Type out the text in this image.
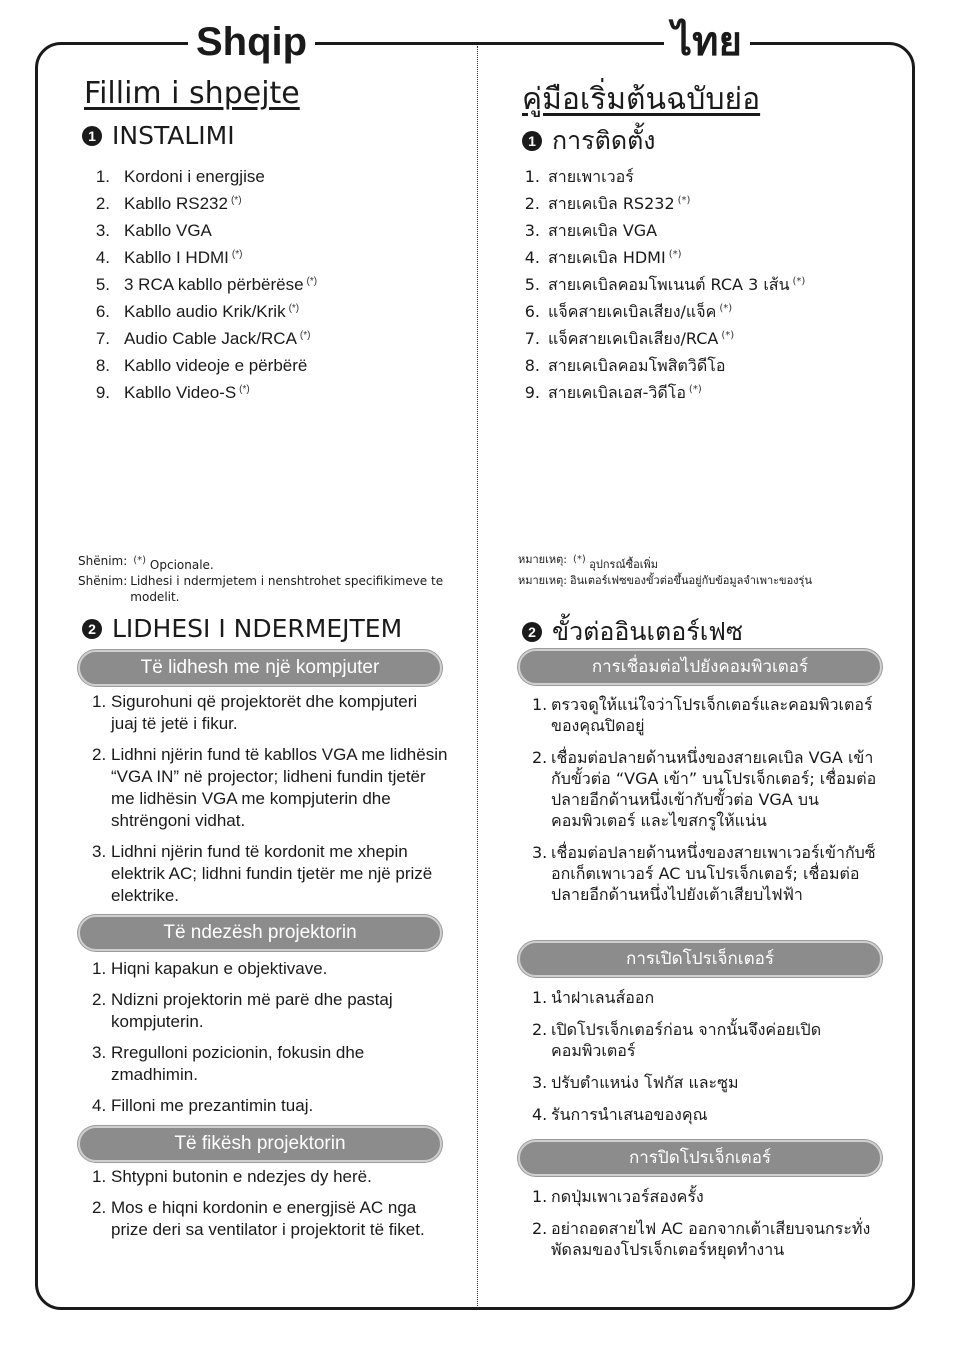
Shqip	ไทย
Fillim i shpejte
1 INSTALIMI
1. Kordoni i energjise
2. Kabllo RS232 (*)
3. Kabllo VGA
4. Kabllo I HDMI (*)
5. 3 RCA kabllo përbërëse (*)
6. Kabllo audio Krik/Krik (*)
7. Audio Cable Jack/RCA (*)
8. Kabllo videoje e përbërë
9. Kabllo Video-S (*)
Shënim: (*) Opcionale.
Shënim: Lidhesi i ndermjetem i nenshtrohet specifikimeve te modelit.
2 LIDHESI I NDERMEJTEM
Të lidhesh me një kompjuter
1. Sigurohuni që projektorët dhe kompjuteri juaj të jetë i fikur.
2. Lidhni njërin fund të kabllos VGA me lidhësin “VGA IN” në projector; lidheni fundin tjetër me lidhësin VGA me kompjuterin dhe shtrëngoni vidhat.
3. Lidhni njërin fund të kordonit me xhepin elektrik AC; lidhni fundin tjetër me një prizë elektrike.
Të ndezësh projektorin
1. Hiqni kapakun e objektivave.
2. Ndizni projektorin më parë dhe pastaj kompjuterin.
3. Rregulloni pozicionin, fokusin dhe zmadhimin.
4. Filloni me prezantimin tuaj.
Të fikësh projektorin
1. Shtypni butonin e ndezjes dy herë.
2. Mos e hiqni kordonin e energjisë AC nga prize deri sa ventilator i projektorit të fiket.
คู่มือเริ่มต้นฉบับย่อ
1 การติดตั้ง
1. สายเพาเวอร์
2. สายเคเบิล RS232 (*)
3. สายเคเบิล VGA
4. สายเคเบิล HDMI (*)
5. สายเคเบิลคอมโพเนนต์ RCA 3 เส้น (*)
6. แจ็คสายเคเบิลเสียง/แจ็ค (*)
7. แจ็คสายเคเบิลเสียง/RCA (*)
8. สายเคเบิลคอมโพสิตวิดีโอ
9. สายเคเบิลเอส-วิดีโอ (*)
หมายเหตุ: (*) อุปกรณ์ซื้อเพิ่ม
หมายเหตุ: อินเตอร์เฟซของขั้วต่อขึ้นอยู่กับข้อมูลจำเพาะของรุ่น
2 ขั้วต่ออินเตอร์เฟซ
การเชื่อมต่อไปยังคอมพิวเตอร์
1. ตรวจดูให้แน่ใจว่าโปรเจ็กเตอร์และคอมพิวเตอร์ของคุณปิดอยู่
2. เชื่อมต่อปลายด้านหนึ่งของสายเคเบิล VGA เข้ากับขั้วต่อ “VGA เข้า” บนโปรเจ็กเตอร์; เชื่อมต่อปลายอีกด้านหนึ่งเข้ากับขั้วต่อ VGA บนคอมพิวเตอร์ และไขสกรูให้แน่น
3. เชื่อมต่อปลายด้านหนึ่งของสายเพาเวอร์เข้ากับซ็อกเก็ตเพาเวอร์ AC บนโปรเจ็กเตอร์; เชื่อมต่อปลายอีกด้านหนึ่งไปยังเต้าเสียบไฟฟ้า
การเปิดโปรเจ็กเตอร์
1. นำฝาเลนส์ออก
2. เปิดโปรเจ็กเตอร์ก่อน จากนั้นจึงค่อยเปิดคอมพิวเตอร์
3. ปรับตำแหน่ง โฟกัส และซูม
4. รันการนำเสนอของคุณ
การปิดโปรเจ็กเตอร์
1. กดปุ่มเพาเวอร์สองครั้ง
2. อย่าถอดสายไฟ AC ออกจากเต้าเสียบจนกระทั่งพัดลมของโปรเจ็กเตอร์หยุดทำงาน
